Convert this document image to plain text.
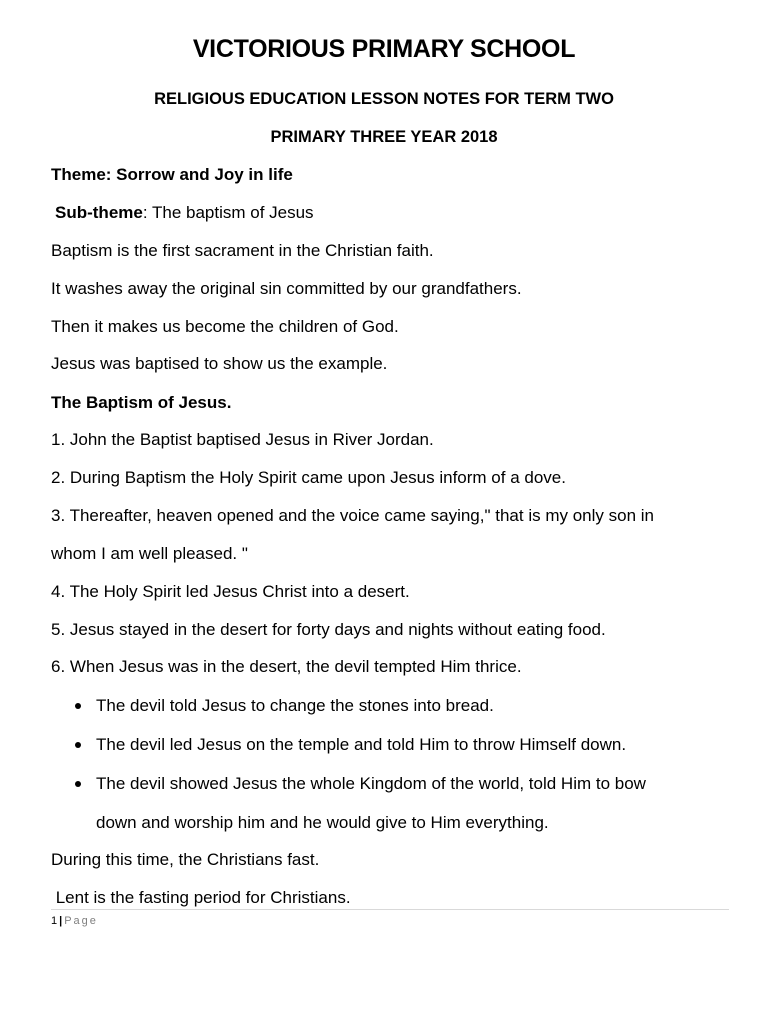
VICTORIOUS PRIMARY SCHOOL
RELIGIOUS EDUCATION LESSON NOTES FOR TERM TWO
PRIMARY THREE YEAR 2018
Theme: Sorrow and Joy in life
Sub-theme: The baptism of Jesus
Baptism is the first sacrament in the Christian faith.
It washes away the original sin committed by our grandfathers.
Then it makes us become the children of God.
Jesus was baptised to show us the example.
The Baptism of Jesus.
1. John the Baptist baptised Jesus in River Jordan.
2. During Baptism the Holy Spirit came upon Jesus inform of a dove.
3. Thereafter, heaven opened and the voice came saying," that is my only son in
whom I am well pleased. "
4. The Holy Spirit led Jesus Christ into a desert.
5. Jesus stayed in the desert for forty days and nights without eating food.
6. When Jesus was in the desert, the devil tempted Him thrice.
The devil told Jesus to change the stones into bread.
The devil led Jesus on the temple and told Him to throw Himself down.
The devil showed Jesus the whole Kingdom of the world, told Him to bow
down and worship him and he would give to Him everything.
During this time, the Christians fast.
Lent is the fasting period for Christians.
1 | Page
